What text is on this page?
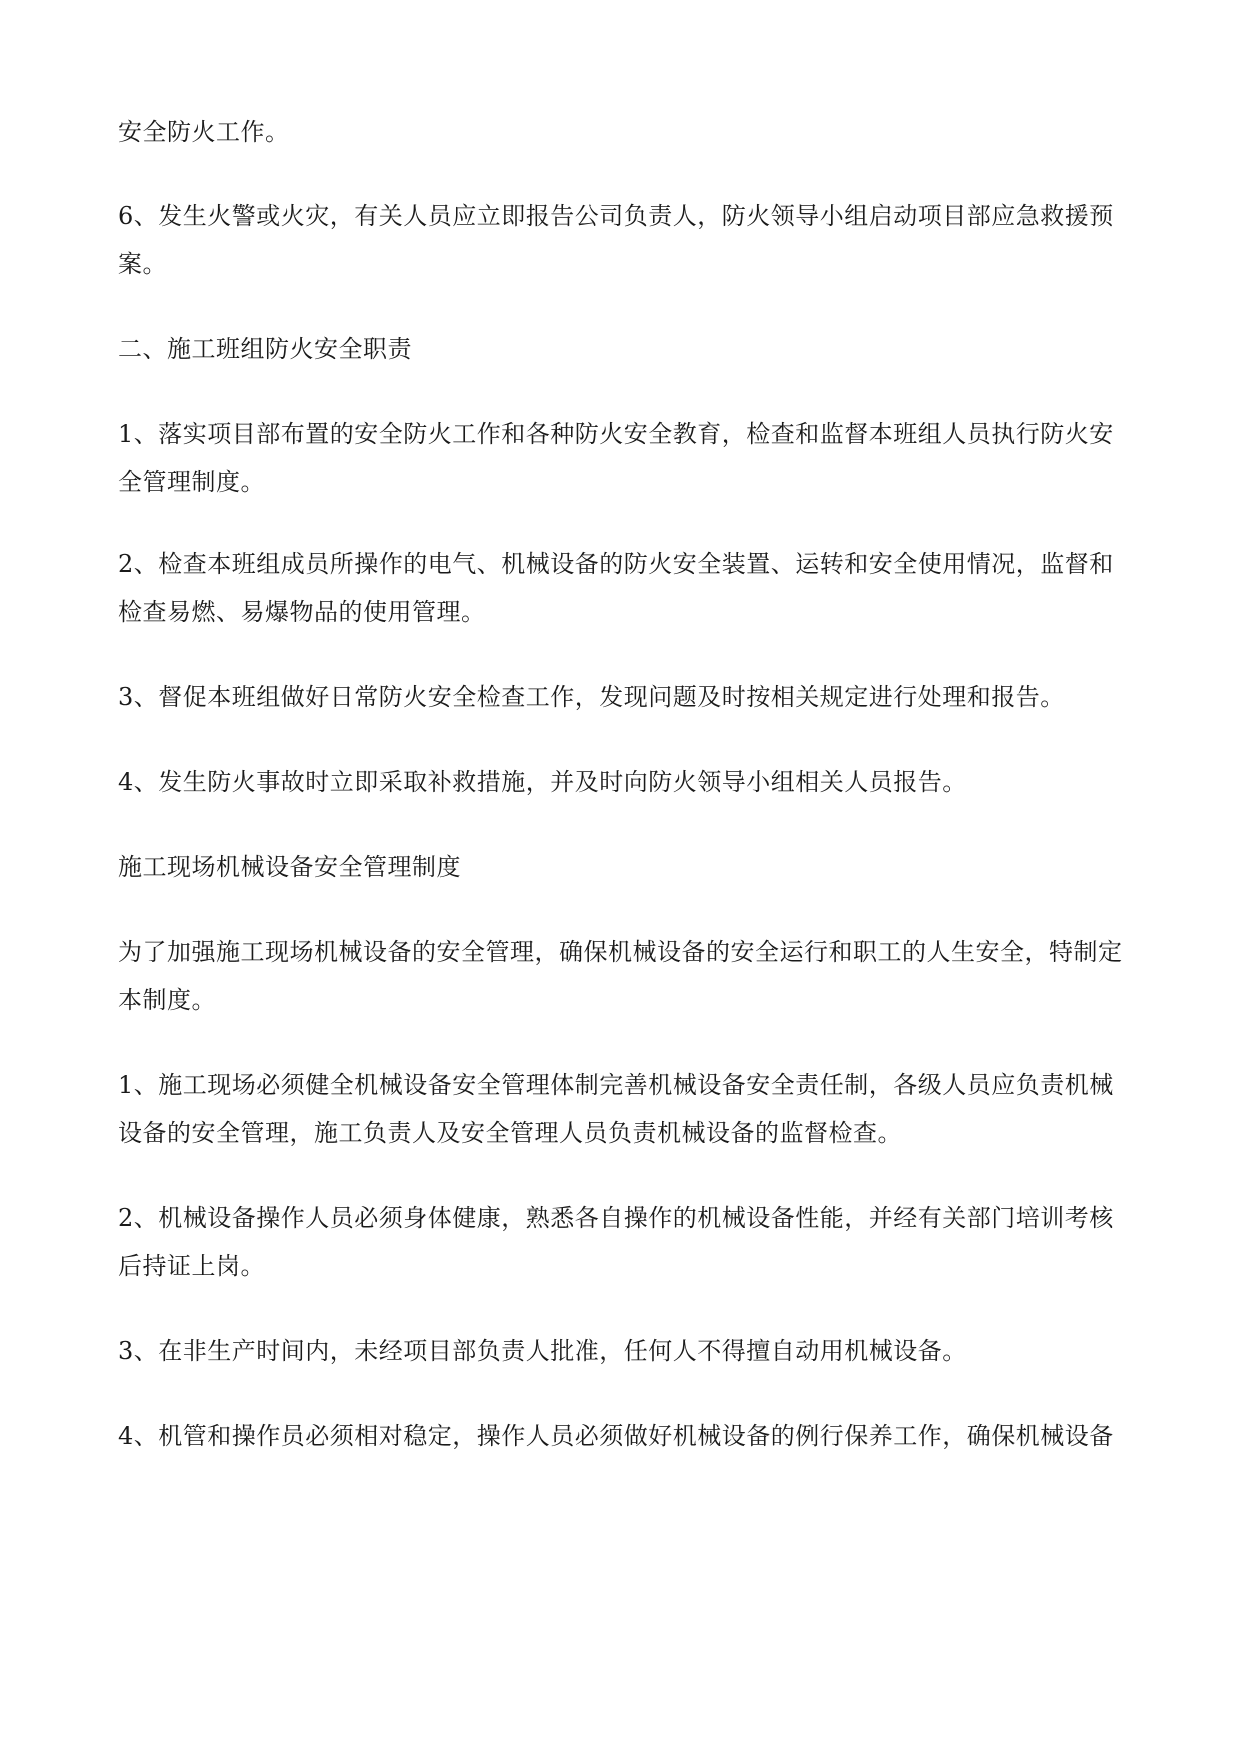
安全防火工作。

6、发生火警或火灾，有关人员应立即报告公司负责人，防火领导小组启动项目部应急救援预案。

二、施工班组防火安全职责

1、落实项目部布置的安全防火工作和各种防火安全教育，检查和监督本班组人员执行防火安全管理制度。

2、检查本班组成员所操作的电气、机械设备的防火安全装置、运转和安全使用情况，监督和检查易燃、易爆物品的使用管理。

3、督促本班组做好日常防火安全检查工作，发现问题及时按相关规定进行处理和报告。

4、发生防火事故时立即采取补救措施，并及时向防火领导小组相关人员报告。

施工现场机械设备安全管理制度

为了加强施工现场机械设备的安全管理，确保机械设备的安全运行和职工的人生安全，特制定本制度。

1、施工现场必须健全机械设备安全管理体制完善机械设备安全责任制，各级人员应负责机械设备的安全管理，施工负责人及安全管理人员负责机械设备的监督检查。

2、机械设备操作人员必须身体健康，熟悉各自操作的机械设备性能，并经有关部门培训考核后持证上岗。

3、在非生产时间内，未经项目部负责人批准，任何人不得擅自动用机械设备。

4、机管和操作员必须相对稳定，操作人员必须做好机械设备的例行保养工作，确保机械设备
